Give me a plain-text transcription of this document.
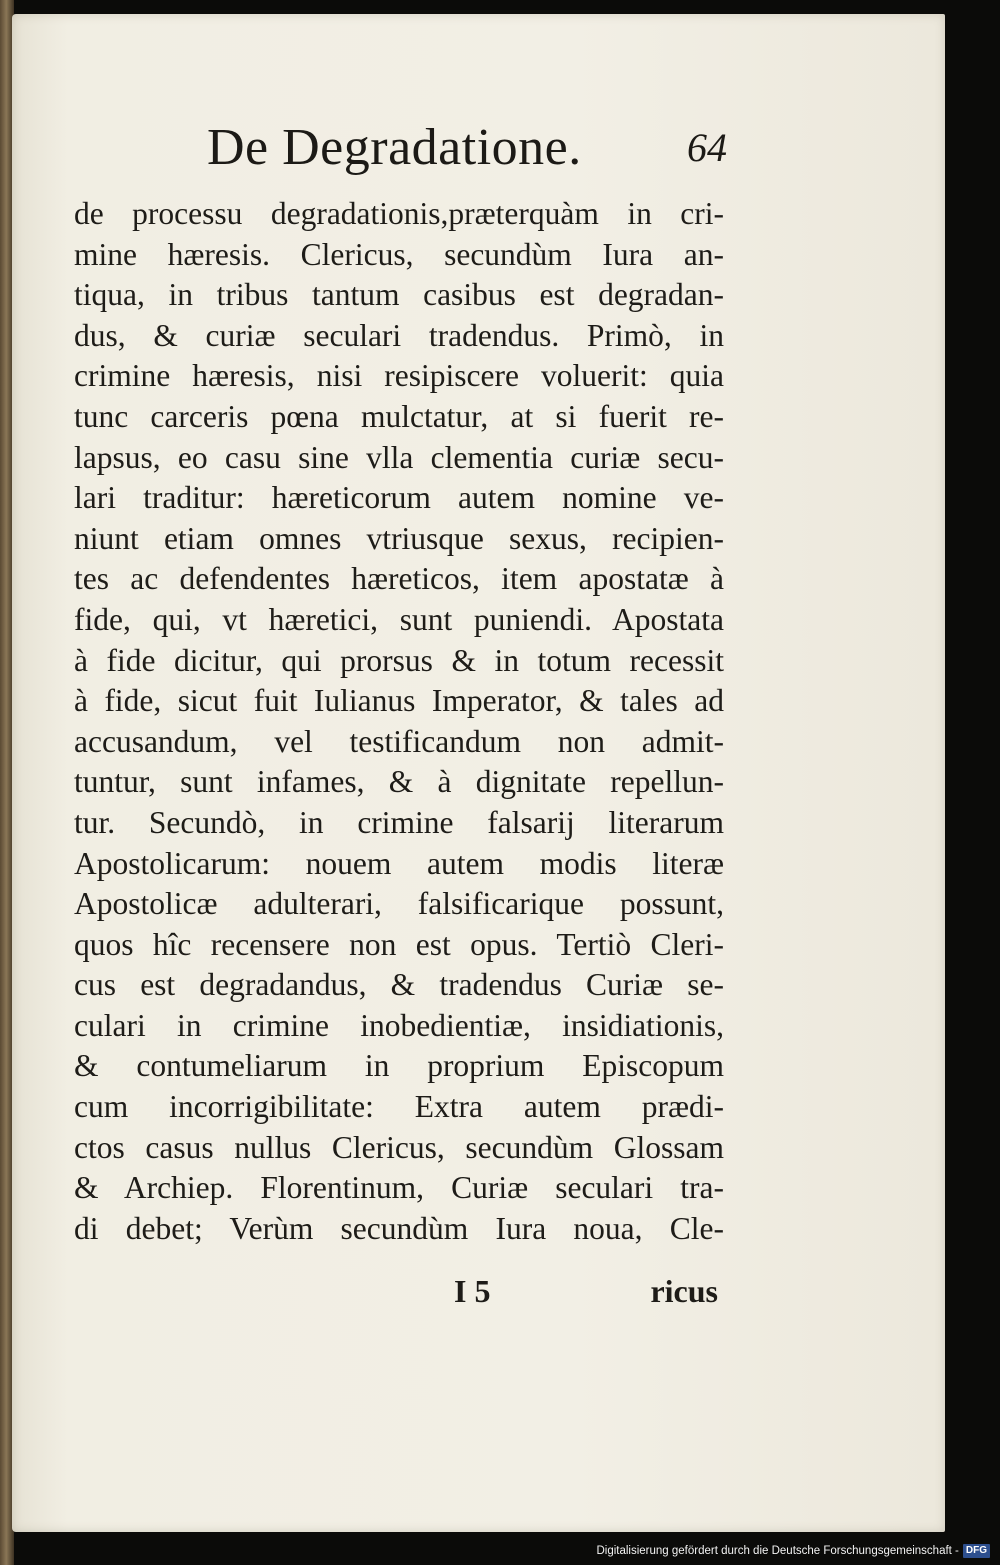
De Degradatione.	64
de processu degradationis,præterquàm in cri-
mine hæresis. Clericus, secundùm Iura an-
tiqua, in tribus tantum casibus est degradan-
dus, & curiæ seculari tradendus. Primò, in
crimine hæresis, nisi resipiscere voluerit: quia
tunc carceris pœna mulctatur, at si fuerit re-
lapsus, eo casu sine vlla clementia curiæ secu-
lari traditur: hæreticorum autem nomine ve-
niunt etiam omnes vtriusque sexus, recipien-
tes ac defendentes hæreticos, item apostatæ à
fide, qui, vt hæretici, sunt puniendi. Apostata
à fide dicitur, qui prorsus & in totum recessit
à fide, sicut fuit Iulianus Imperator, & tales ad
accusandum, vel testificandum non admit-
tuntur, sunt infames, & à dignitate repellun-
tur. Secundò, in crimine falsarij literarum
Apostolicarum: nouem autem modis literæ
Apostolicæ adulterari, falsificarique possunt,
quos hîc recensere non est opus. Tertiò Cleri-
cus est degradandus, & tradendus Curiæ se-
culari in crimine inobedientiæ, insidiationis,
& contumeliarum in proprium Episcopum
cum incorrigibilitate: Extra autem prædi-
ctos casus nullus Clericus, secundùm Glossam
& Archiep. Florentinum, Curiæ seculari tra-
di debet; Verùm secundùm Iura noua, Cle-
I 5	ricus
Digitalisierung gefördert durch die Deutsche Forschungsgemeinschaft - DFG
